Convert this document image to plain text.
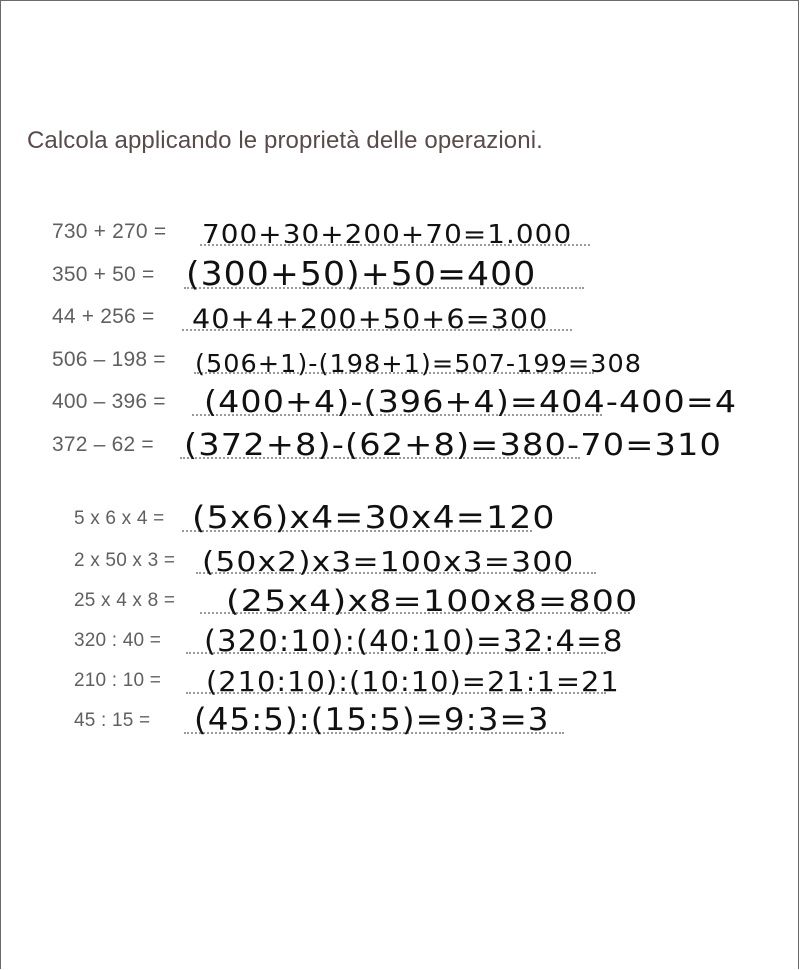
Calcola applicando le proprietà delle operazioni.
730 + 270 = 700+30+200+70=1.000
350 + 50 = (300+50)+50=400
44 + 256 = 40+4+200+50+6=300
506 – 198 = (506+1)-(198+1)=507-199=308
400 – 396 = (400+4)-(396+4)=404-400=4
372 – 62 = (372+8)-(62+8)=380-70=310
5 x 6 x 4 = (5x6)x4=30x4=120
2 x 50 x 3 = (50x2)x3=100x3=300
25 x 4 x 8 = (25x4)x8=100x8=800
320 : 40 = (320:10):(40:10)=32:4=8
210 : 10 = (210:10):(10:10)=21:1=21
45 : 15 = (45:5):(15:5)=9:3=3
